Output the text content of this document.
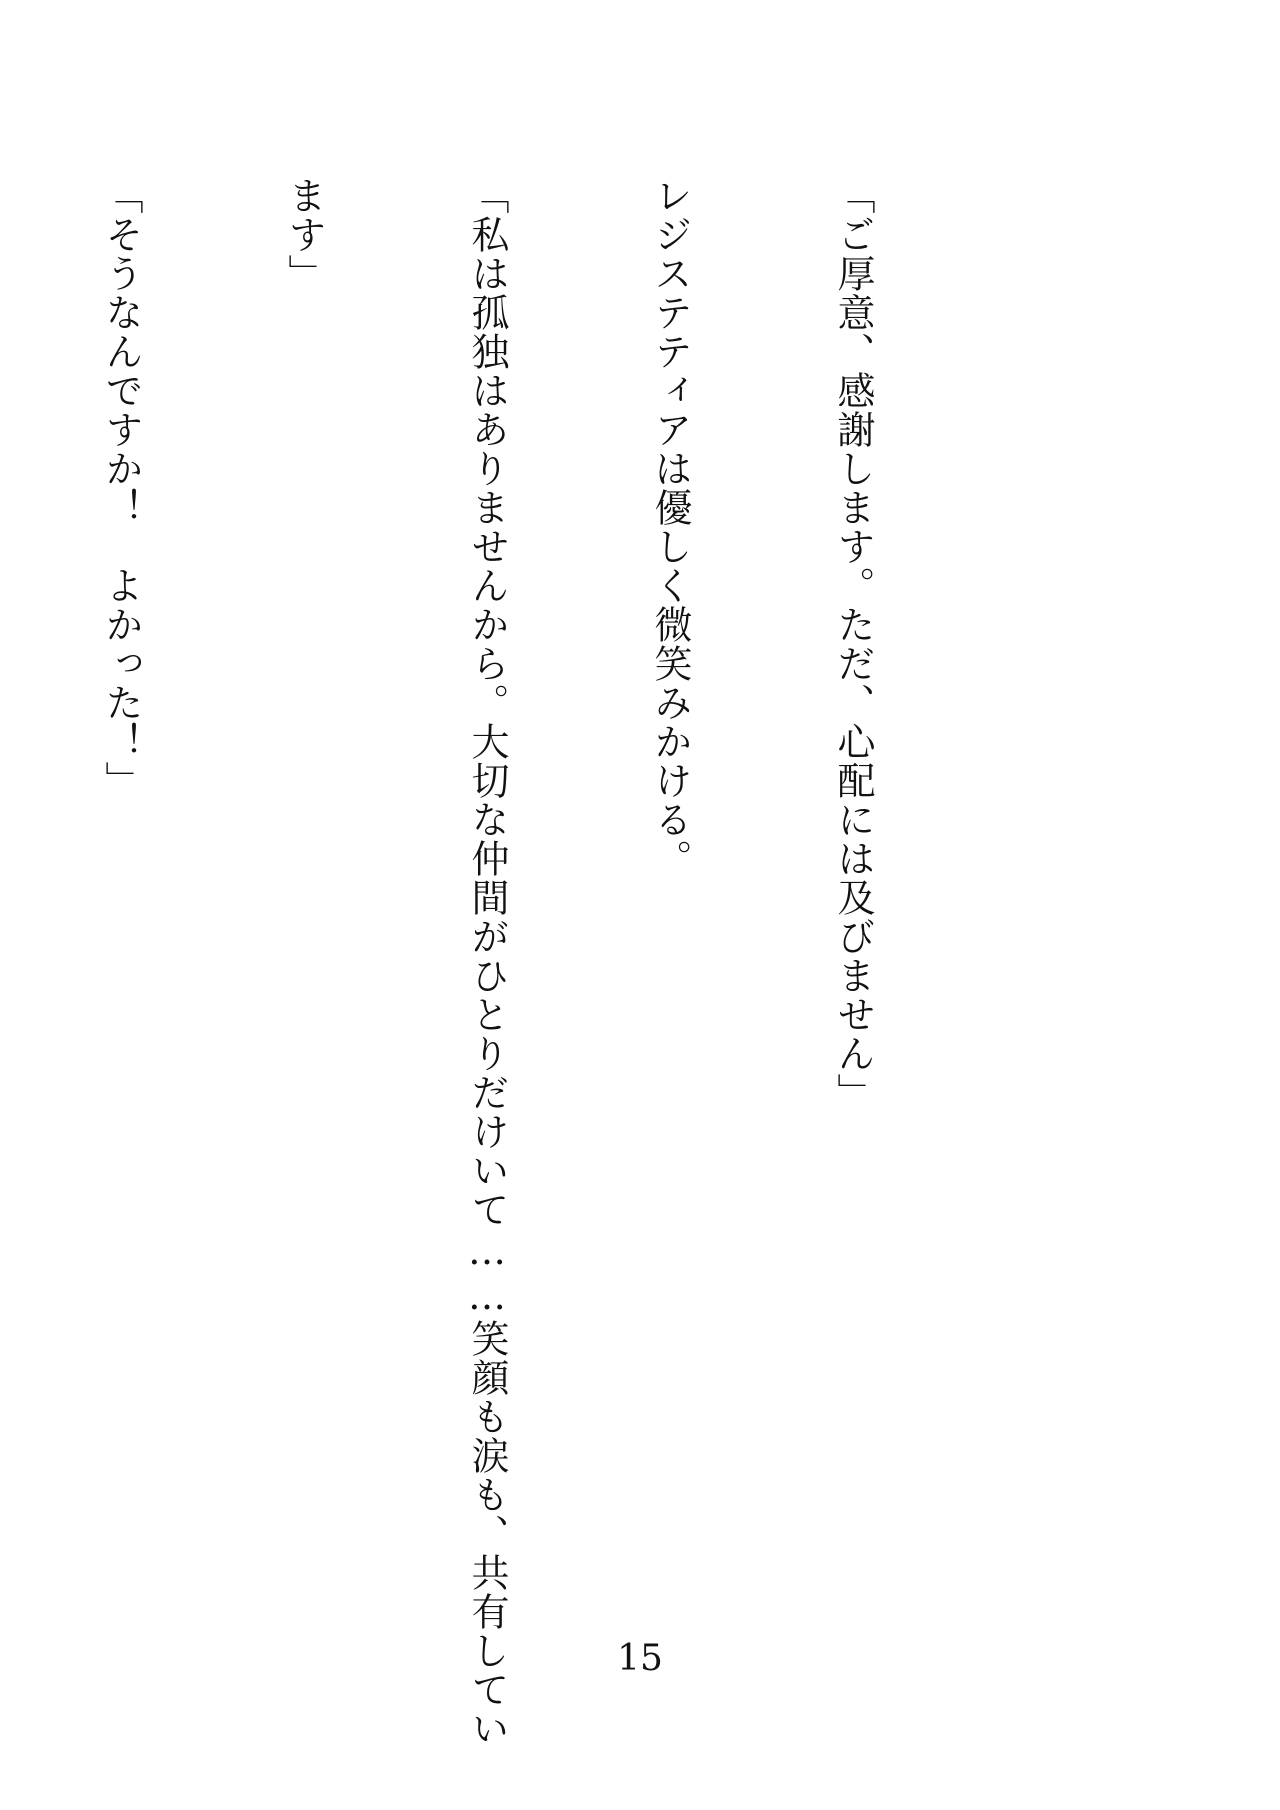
「ご厚意、感謝します。ただ、心配には及びません」

レジステティアは優しく微笑みかける。

「私は孤独はありませんから。大切な仲間がひとりだけいて……笑顔も涙も、共有してい

ます」

「そうなんですか！　よかった！」

15
